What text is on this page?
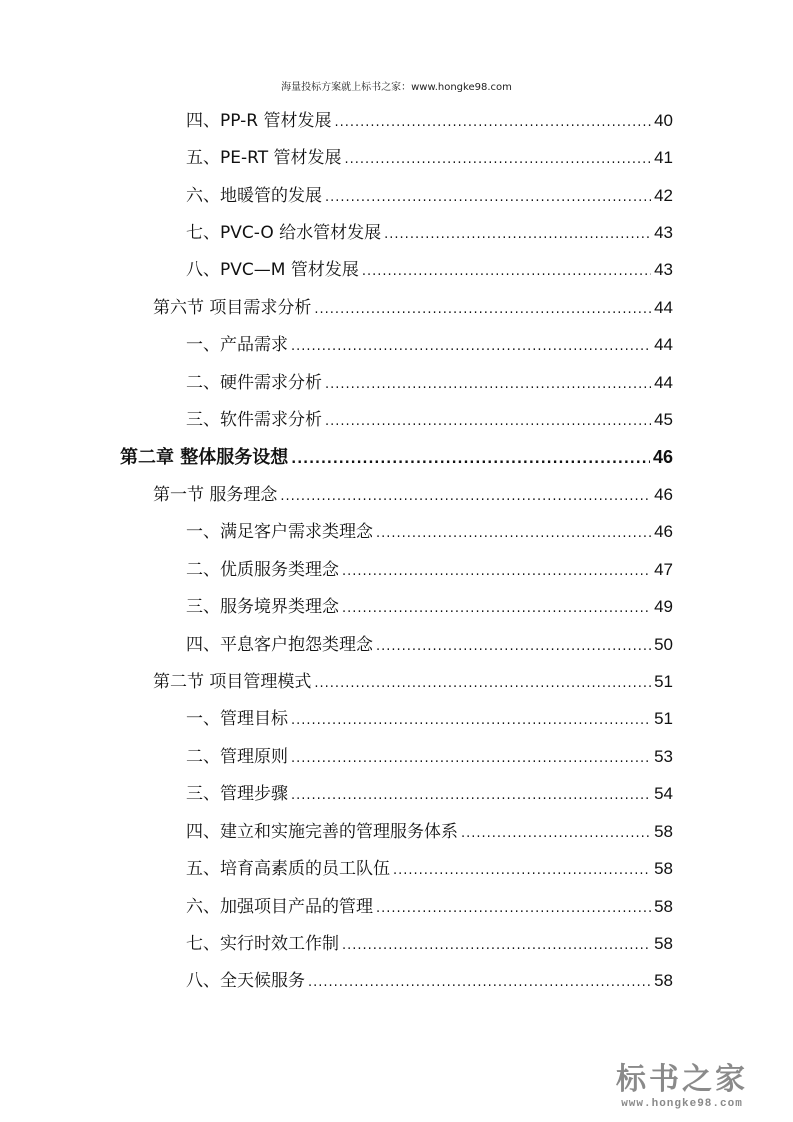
海量投标方案就上标书之家：www.hongke98.com
四、PP-R 管材发展 .....	40
五、PE-RT 管材发展 .....	41
六、地暖管的发展 .....	42
七、PVC-O 给水管材发展 .....	43
八、PVC—M 管材发展 .....	43
第六节 项目需求分析 .....	44
一、产品需求 .....	44
二、硬件需求分析 .....	44
三、软件需求分析 .....	45
第二章 整体服务设想 .....	46
第一节 服务理念 .....	46
一、满足客户需求类理念 .....	46
二、优质服务类理念 .....	47
三、服务境界类理念 .....	49
四、平息客户抱怨类理念 .....	50
第二节 项目管理模式 .....	51
一、管理目标 .....	51
二、管理原则 .....	53
三、管理步骤 .....	54
四、建立和实施完善的管理服务体系 .....	58
五、培育高素质的员工队伍 .....	58
六、加强项目产品的管理 .....	58
七、实行时效工作制 .....	58
八、全天候服务 .....	58
标书之家
www.hongke98.com
